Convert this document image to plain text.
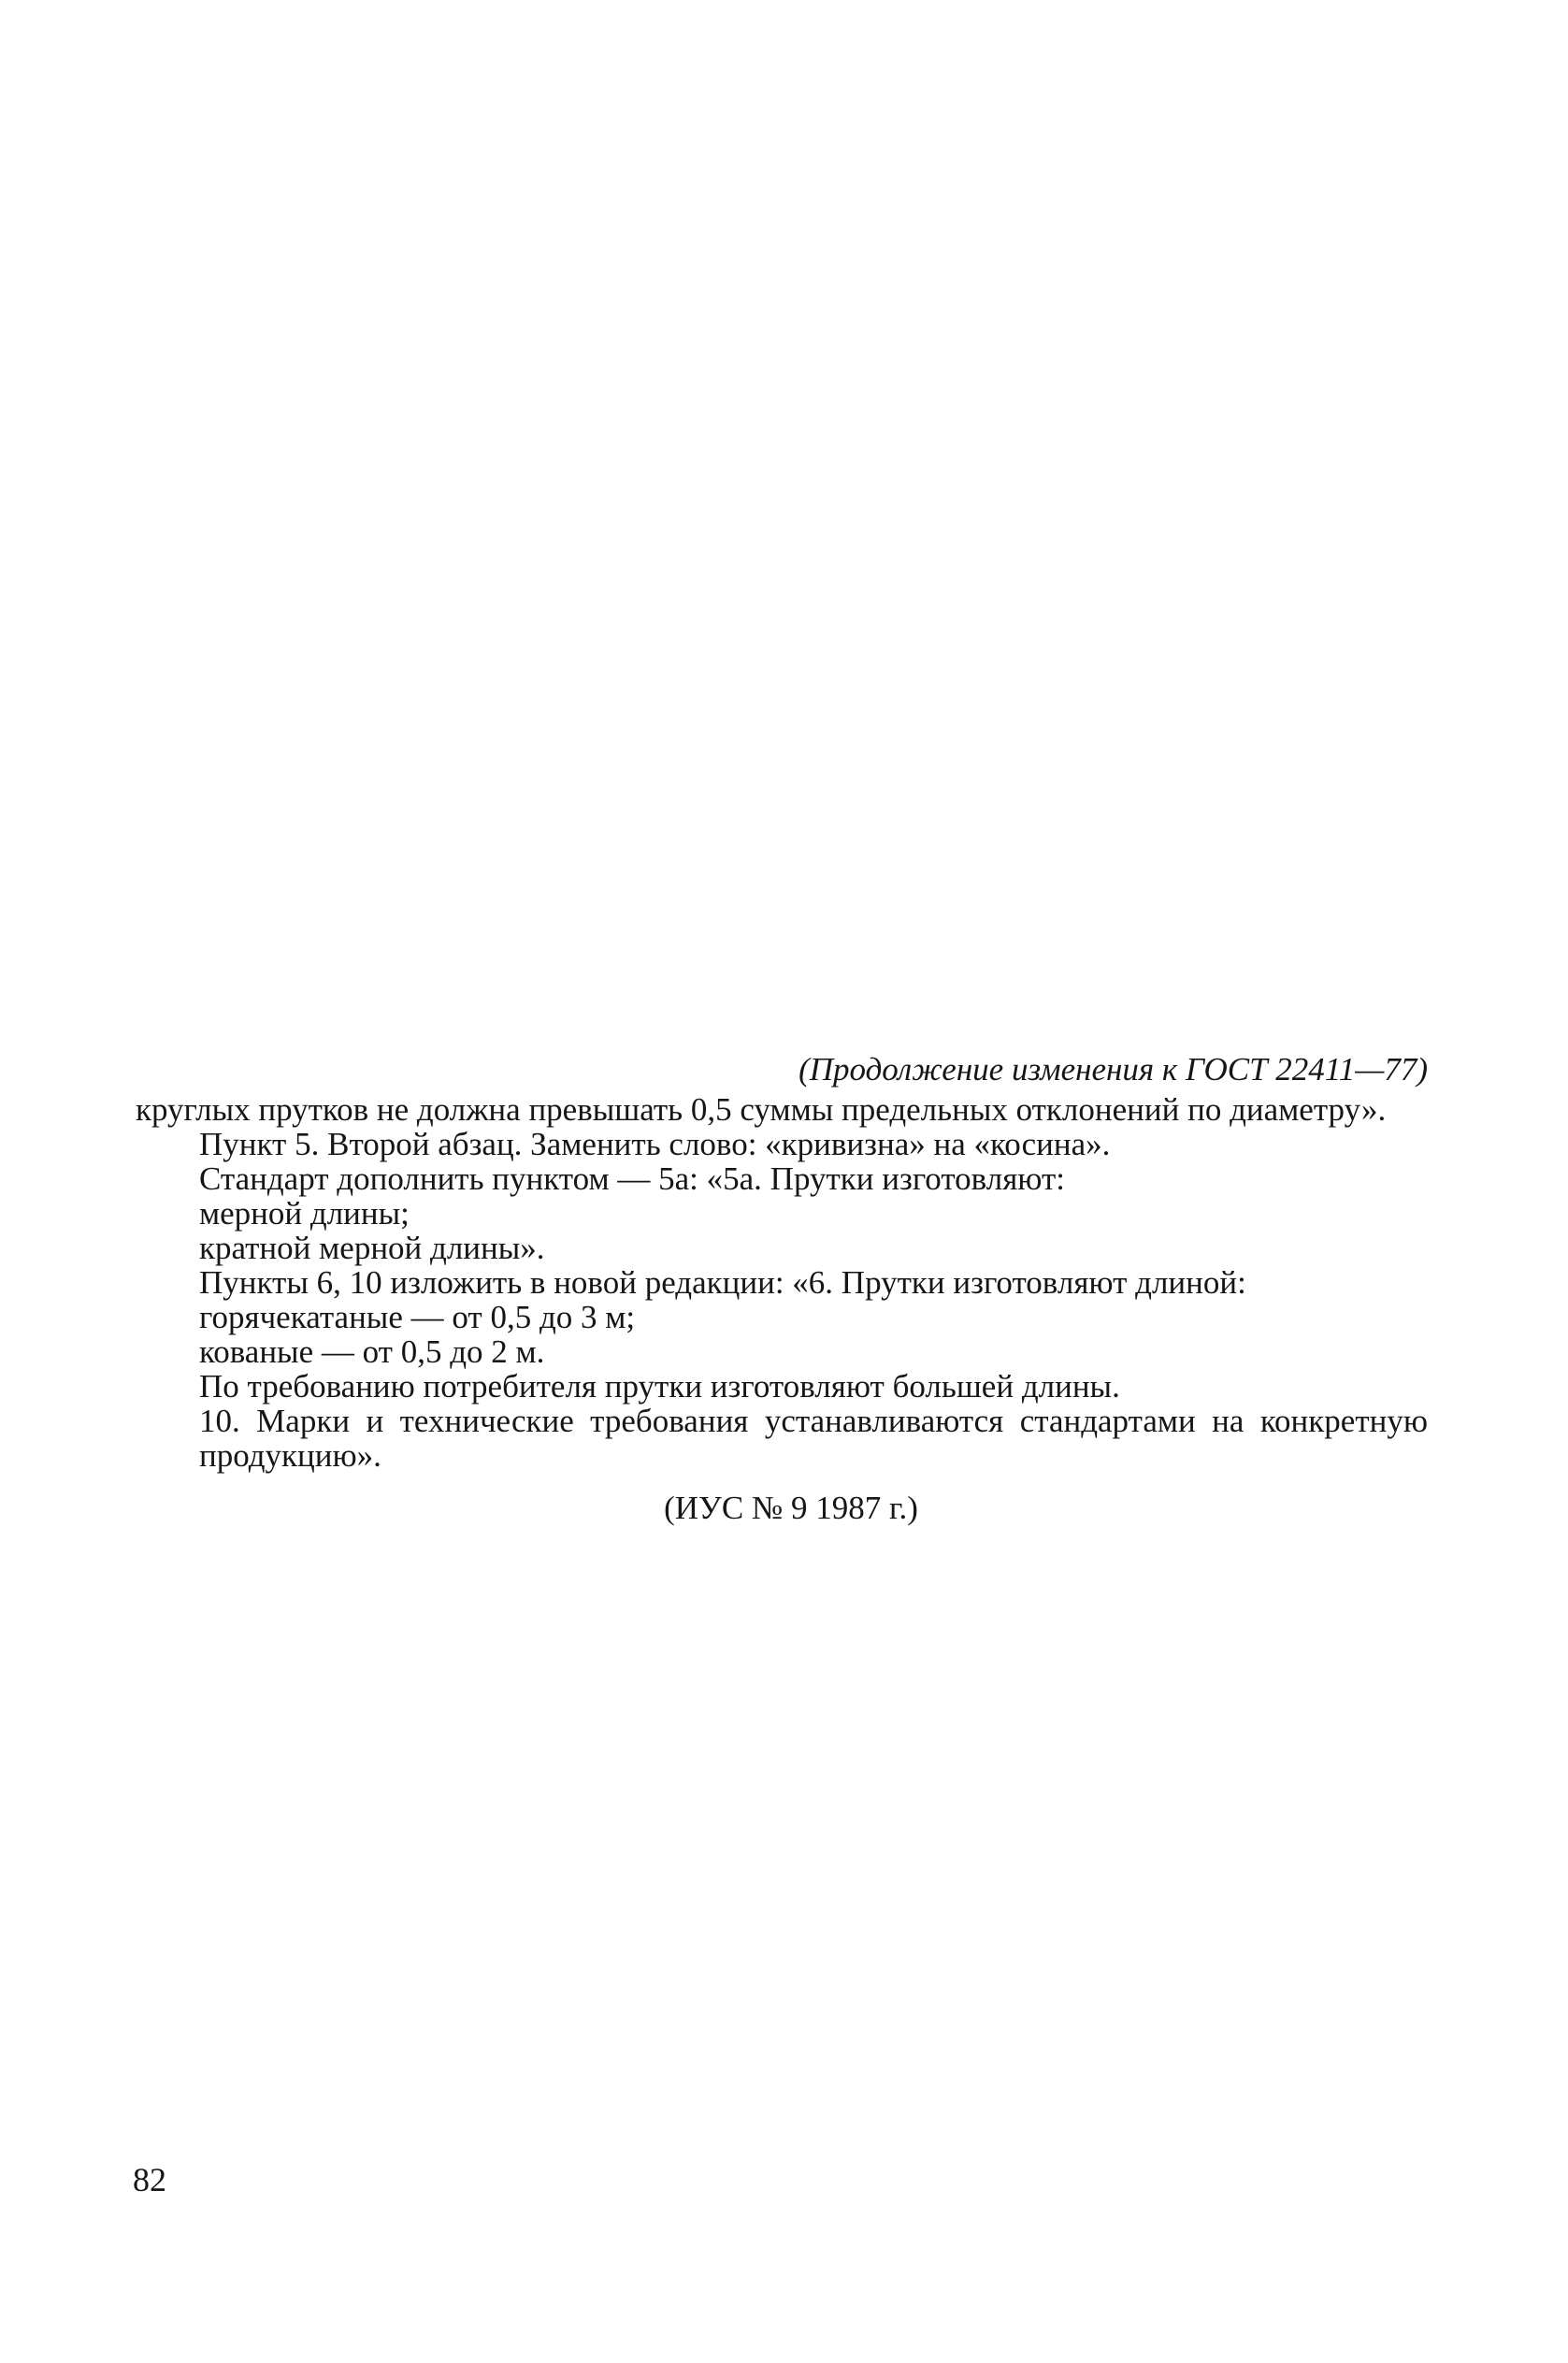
(Продолжение изменения к ГОСТ 22411—77)

круглых прутков не должна превышать 0,5 суммы предельных отклонений по диаметру».

Пункт 5. Второй абзац. Заменить слово: «кривизна» на «косина».

Стандарт дополнить пунктом — 5а: «5а. Прутки изготовляют:

мерной длины;

кратной мерной длины».

Пункты 6, 10 изложить в новой редакции: «6. Прутки изготовляют длиной:

горячекатаные — от 0,5 до 3 м;

кованые — от 0,5 до 2 м.

По требованию потребителя прутки изготовляют большей длины.

10. Марки и технические требования устанавливаются стандартами на конкретную продукцию».

(ИУС № 9 1987 г.)
82
